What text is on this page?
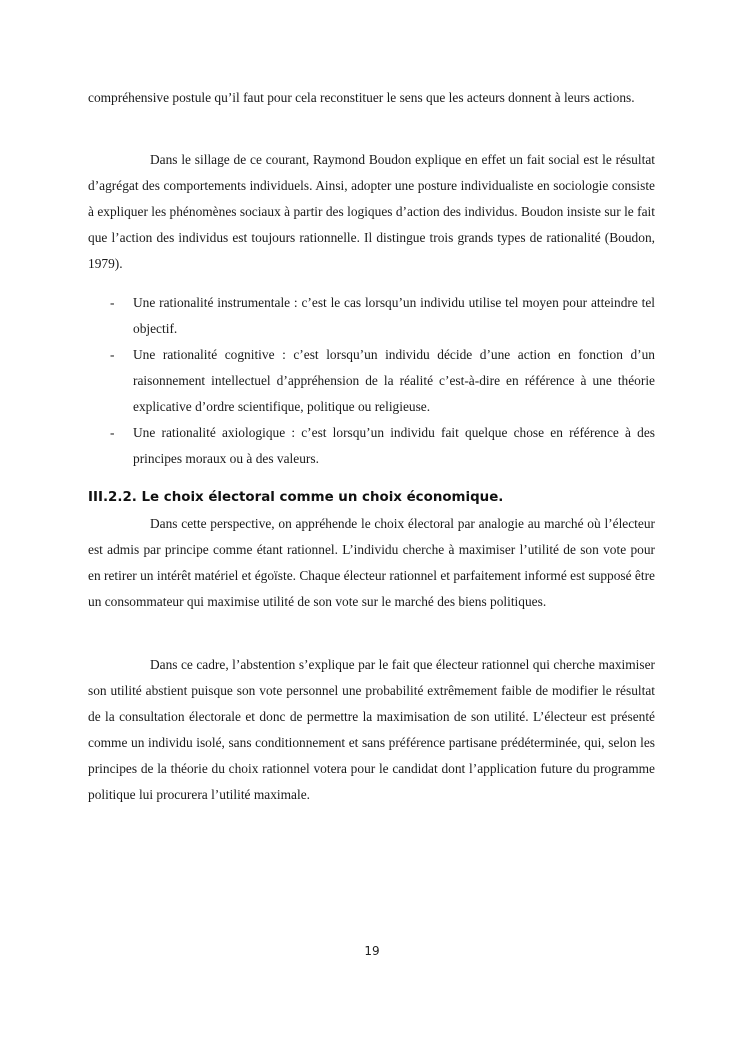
compréhensive postule qu’il faut pour cela reconstituer le sens que les acteurs donnent à leurs actions.

Dans le sillage de ce courant, Raymond Boudon explique en effet un fait social est le résultat d’agrégat des comportements individuels. Ainsi, adopter une posture individualiste en sociologie consiste à expliquer les phénomènes sociaux à partir des logiques d’action des individus. Boudon insiste sur le fait que l’action des individus est toujours rationnelle. Il distingue trois grands types de rationalité (Boudon, 1979).

- Une rationalité instrumentale : c’est le cas lorsqu’un individu utilise tel moyen pour atteindre tel objectif.
- Une rationalité cognitive : c’est lorsqu’un individu décide d’une action en fonction d’un raisonnement intellectuel d’appréhension de la réalité c’est-à-dire en référence à une théorie explicative d’ordre scientifique, politique ou religieuse.
- Une rationalité axiologique : c’est lorsqu’un individu fait quelque chose en référence à des principes moraux ou à des valeurs.
III.2.2. Le choix électoral comme un choix économique.

Dans cette perspective, on appréhende le choix électoral par analogie au marché où l’électeur est admis par principe comme étant rationnel. L’individu cherche à maximiser l’utilité de son vote pour en retirer un intérêt matériel et égoïste. Chaque électeur rationnel et parfaitement informé est supposé être un consommateur qui maximise utilité de son vote sur le marché des biens politiques.

Dans ce cadre, l’abstention s’explique par le fait que électeur rationnel qui cherche maximiser son utilité abstient puisque son vote personnel une probabilité extrêmement faible de modifier le résultat de la consultation électorale et donc de permettre la maximisation de son utilité. L’électeur est présenté comme un individu isolé, sans conditionnement et sans préférence partisane prédéterminée, qui, selon les principes de la théorie du choix rationnel votera pour le candidat dont l’application future du programme politique lui procurera l’utilité maximale.

19
